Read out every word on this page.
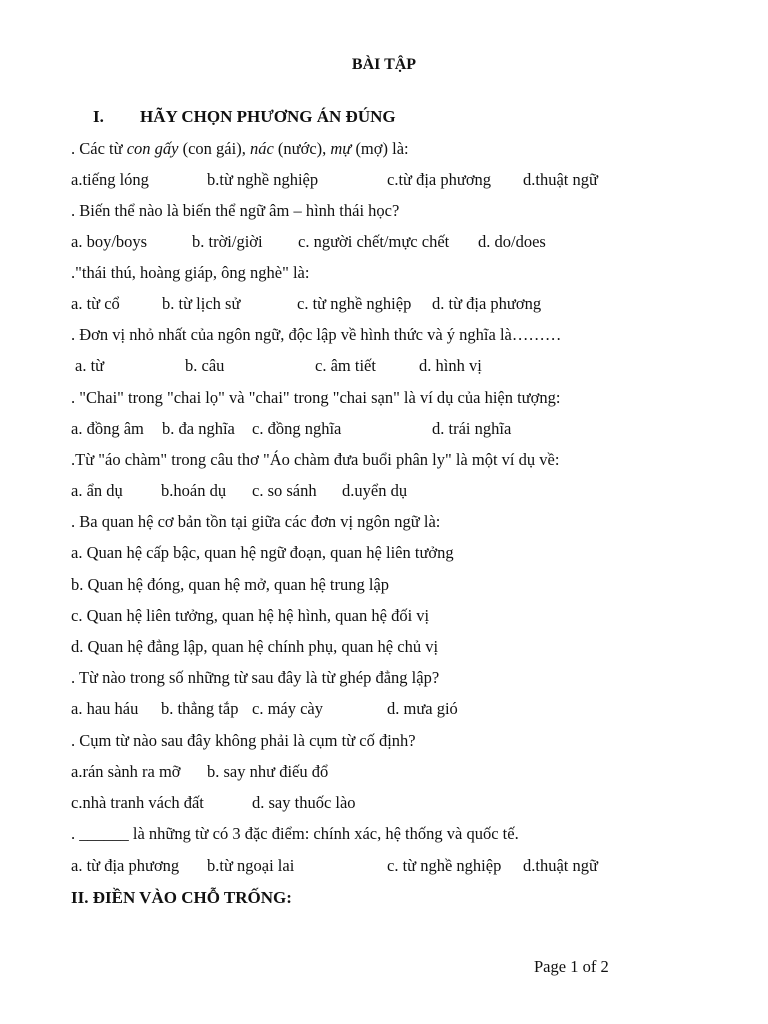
BÀI TẬP
I. HÃY CHỌN PHƯƠNG ÁN ĐÚNG
. Các từ con gấy (con gái), nác (nước), mự (mợ) là:
a.tiếng lóng	b.từ nghề nghiệp	c.từ địa phương d.thuật ngữ
. Biến thể nào là biến thể ngữ âm – hình thái học?
a. boy/boys	b. trời/giời c. người chết/mực chết d. do/does
."thái thú, hoàng giáp, ông nghè" là:
a. từ cổ	b. từ lịch sử	c. từ nghề nghiệp d. từ địa phương
. Đơn vị nhỏ nhất của ngôn ngữ, độc lập về hình thức và ý nghĩa là………
a. từ	b. câu	c. âm tiết	d. hình vị
. "Chai" trong "chai lọ" và "chai" trong "chai sạn" là ví dụ của hiện tượng:
a. đồng âm b. đa nghĩa c. đồng nghĩa	d. trái nghĩa
.Từ "áo chàm" trong câu thơ "Áo chàm đưa buổi phân ly" là một ví dụ về:
a. ẩn dụ b.hoán dụ c. so sánh d.uyển dụ
. Ba quan hệ cơ bản tồn tại giữa các đơn vị ngôn ngữ là:
a. Quan hệ cấp bậc, quan hệ ngữ đoạn, quan hệ liên tưởng
b. Quan hệ đóng, quan hệ mở, quan hệ trung lập
c. Quan hệ liên tưởng, quan hệ hệ hình, quan hệ đối vị
d. Quan hệ đẳng lập, quan hệ chính phụ, quan hệ chủ vị
. Từ nào trong số những từ sau đây là từ ghép đẳng lập?
a. hau háu b. thẳng tắp c. máy cày	d. mưa gió
. Cụm từ nào sau đây không phải là cụm từ cố định?
a.rán sành ra mỡ b. say như điếu đổ
c.nhà tranh vách đất	d. say thuốc lào
. ______ là những từ có 3 đặc điểm: chính xác, hệ thống và quốc tế.
a. từ địa phương b.từ ngoại lai	c. từ nghề nghiệp d.thuật ngữ
II. ĐIỀN VÀO CHỖ TRỐNG:
Page 1 of 2
